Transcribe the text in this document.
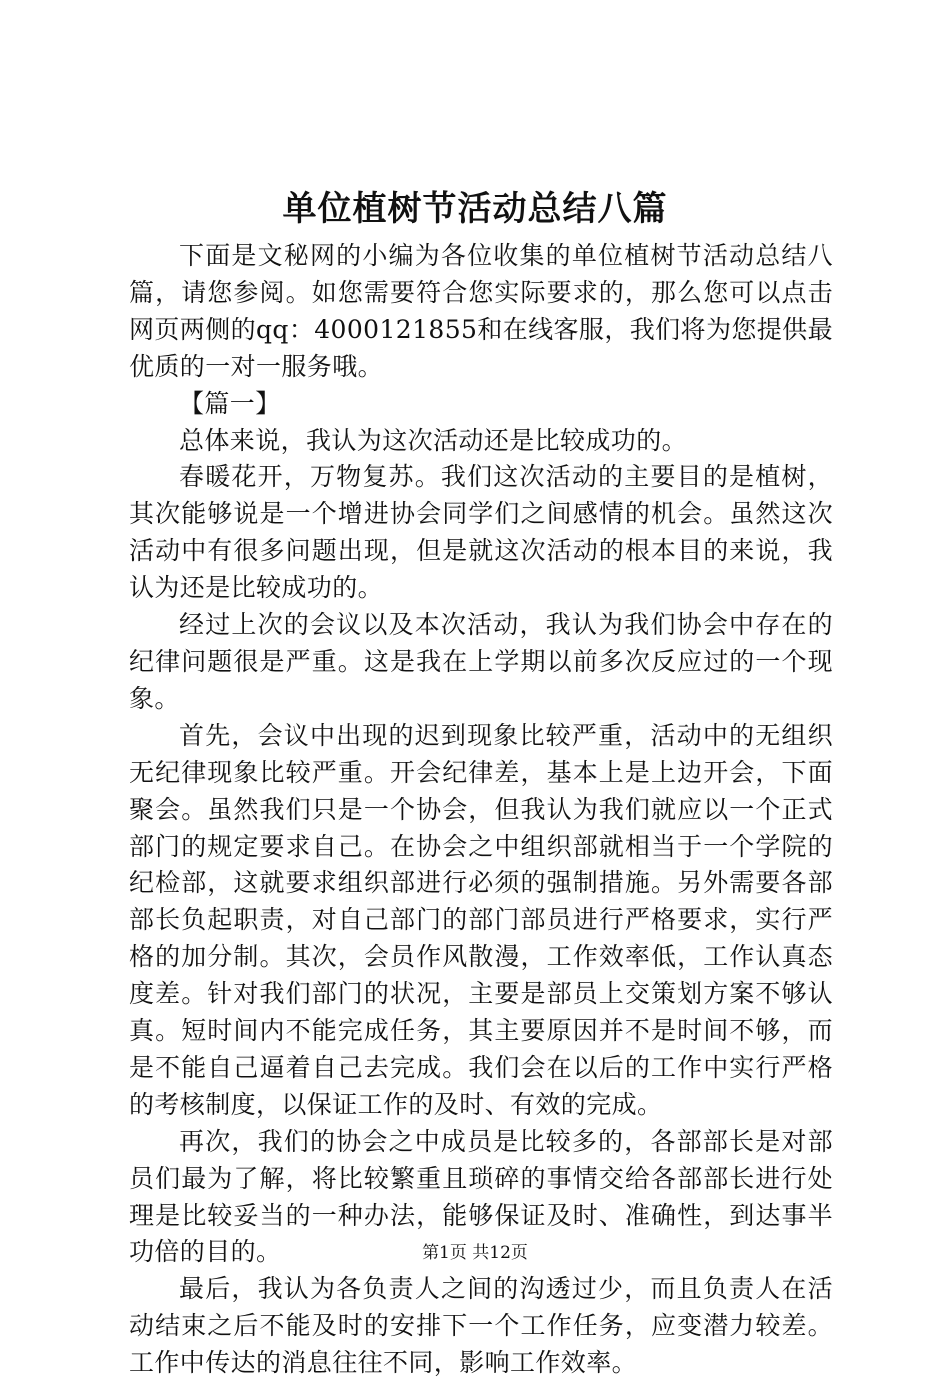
单位植树节活动总结八篇

下面是文秘网的小编为各位收集的单位植树节活动总结八篇，请您参阅。如您需要符合您实际要求的，那么您可以点击网页两侧的qq：4000121855和在线客服，我们将为您提供最优质的一对一服务哦。

【篇一】

总体来说，我认为这次活动还是比较成功的。

春暖花开，万物复苏。我们这次活动的主要目的是植树，其次能够说是一个增进协会同学们之间感情的机会。虽然这次活动中有很多问题出现，但是就这次活动的根本目的来说，我认为还是比较成功的。

经过上次的会议以及本次活动，我认为我们协会中存在的纪律问题很是严重。这是我在上学期以前多次反应过的一个现象。

首先，会议中出现的迟到现象比较严重，活动中的无组织无纪律现象比较严重。开会纪律差，基本上是上边开会，下面聚会。虽然我们只是一个协会，但我认为我们就应以一个正式部门的规定要求自己。在协会之中组织部就相当于一个学院的纪检部，这就要求组织部进行必须的强制措施。另外需要各部部长负起职责，对自己部门的部门部员进行严格要求，实行严格的加分制。其次，会员作风散漫，工作效率低，工作认真态度差。针对我们部门的状况，主要是部员上交策划方案不够认真。短时间内不能完成任务，其主要原因并不是时间不够，而是不能自己逼着自己去完成。我们会在以后的工作中实行严格的考核制度，以保证工作的及时、有效的完成。

再次，我们的协会之中成员是比较多的，各部部长是对部员们最为了解，将比较繁重且琐碎的事情交给各部部长进行处理是比较妥当的一种办法，能够保证及时、准确性，到达事半功倍的目的。

最后，我认为各负责人之间的沟透过少，而且负责人在活动结束之后不能及时的安排下一个工作任务，应变潜力较差。工作中传达的消息往往不同，影响工作效率。

第1页 共12页
